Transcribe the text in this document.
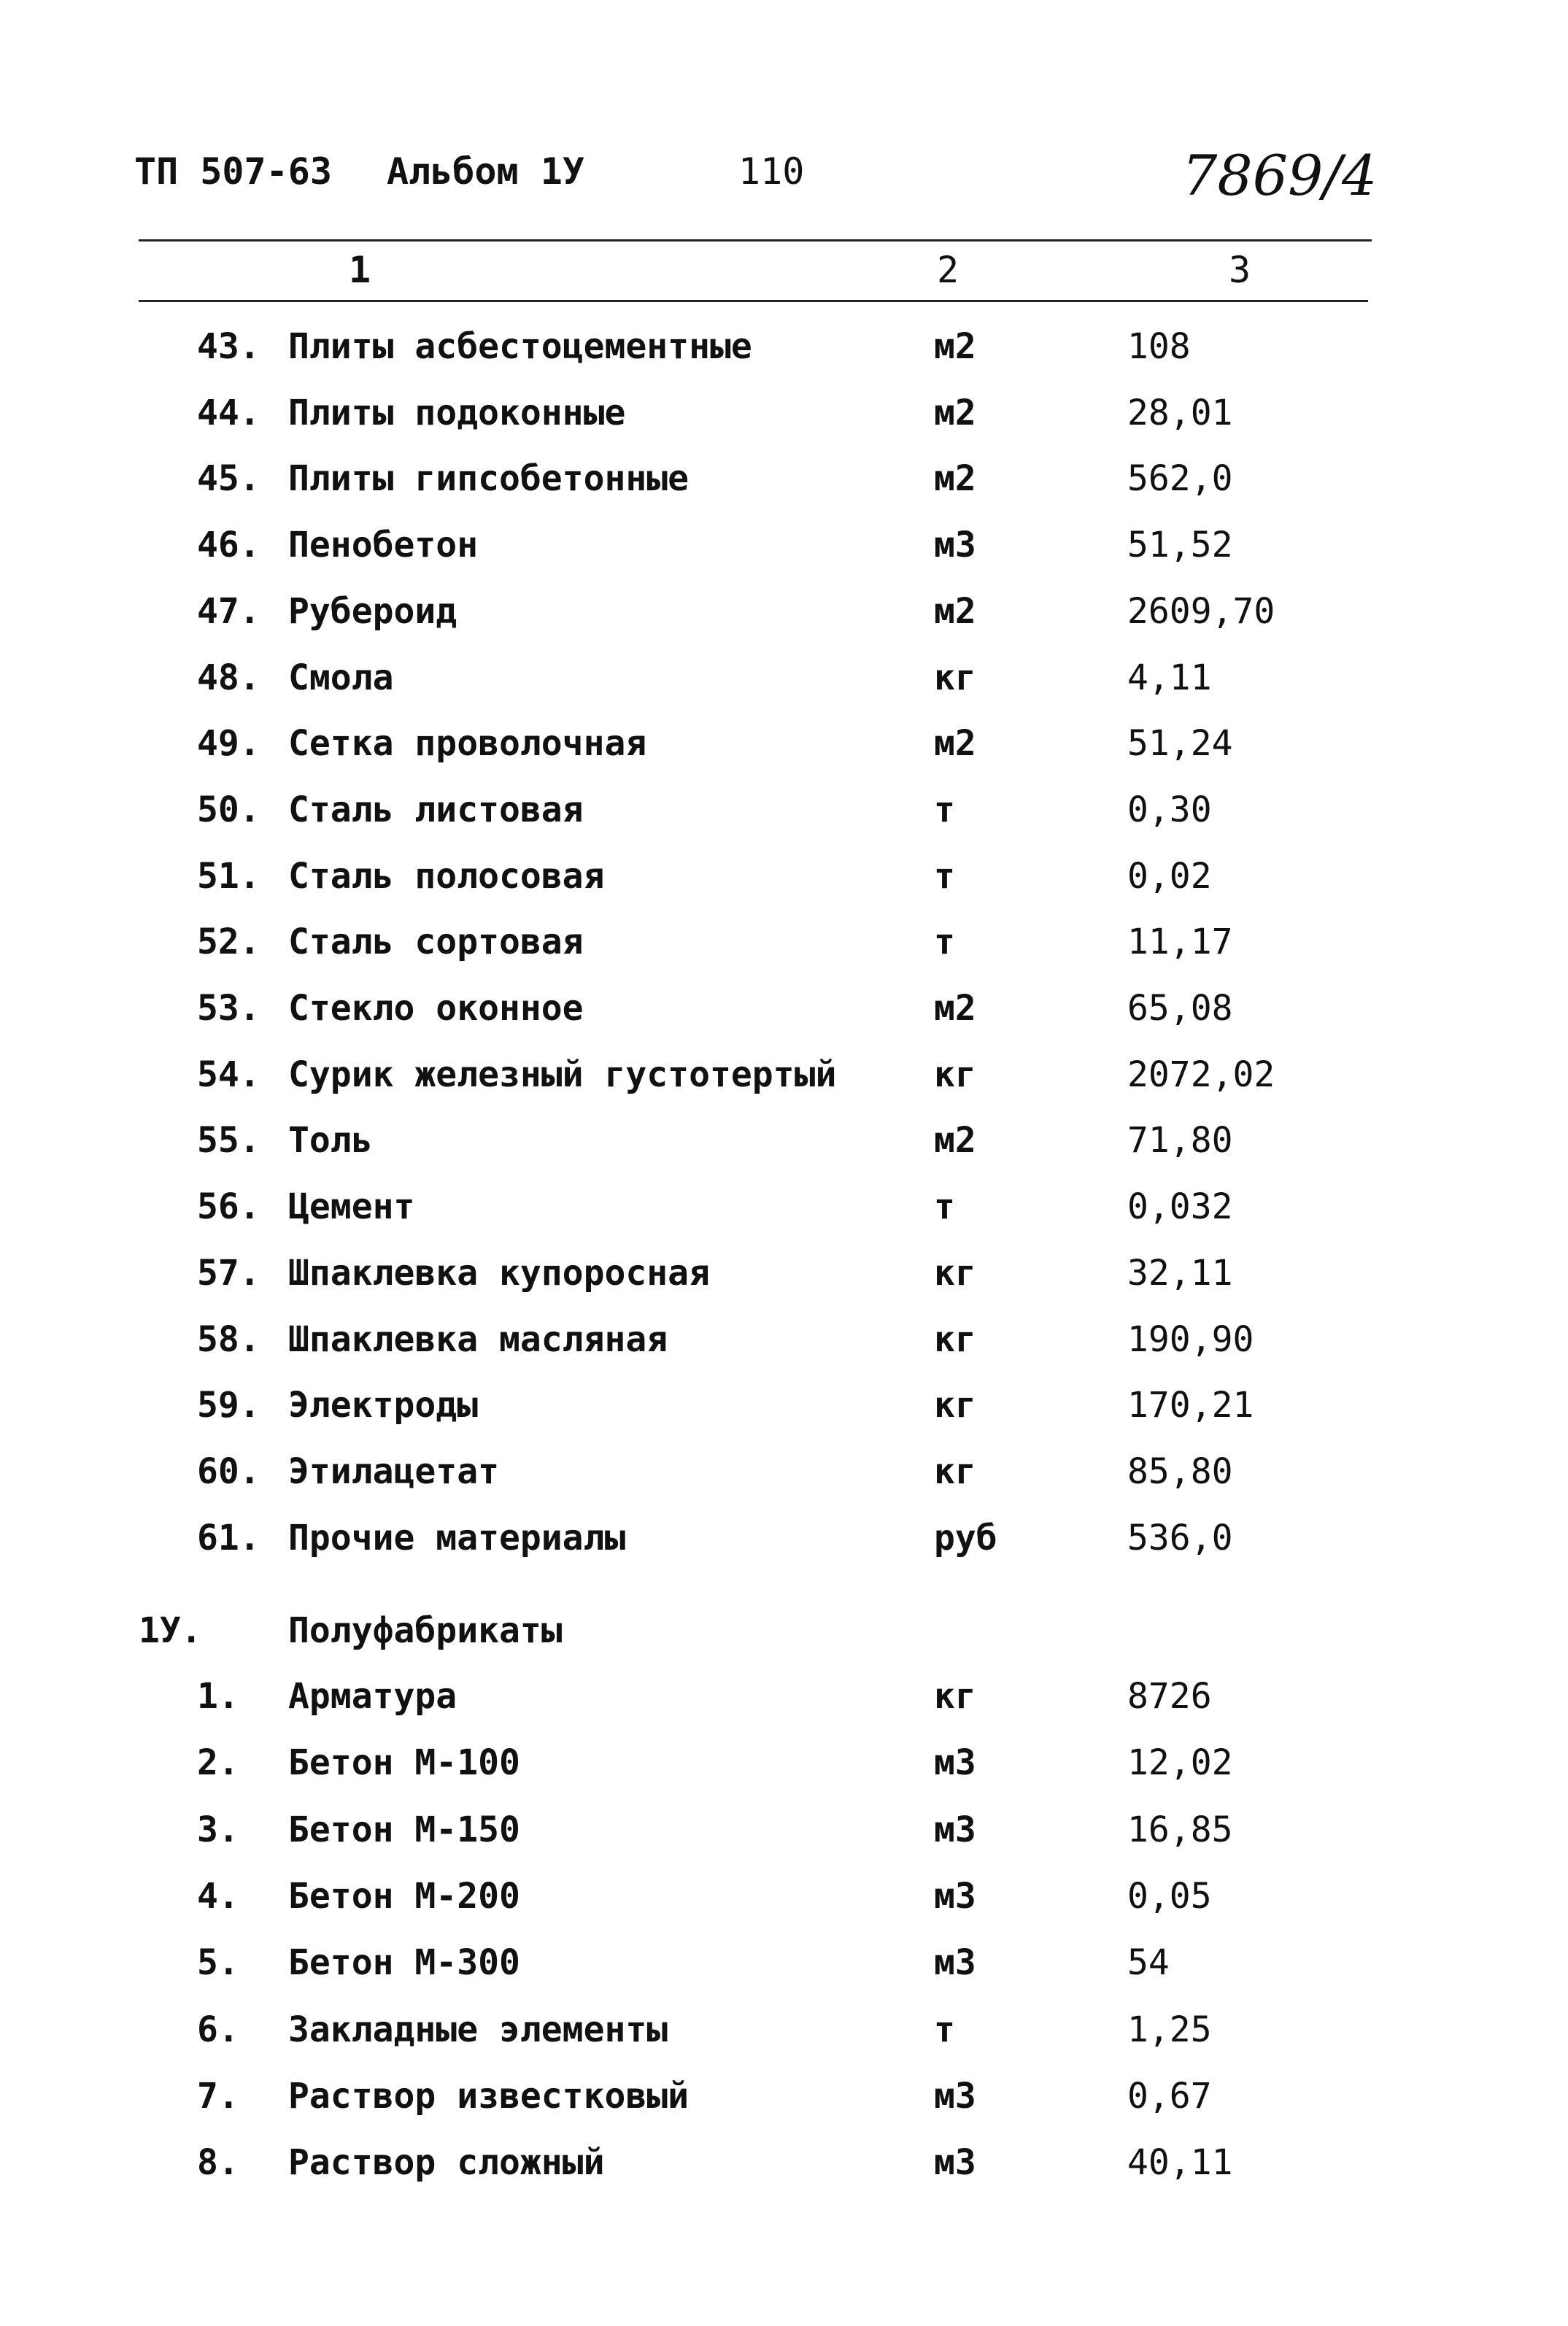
ТП 507-63 Альбом 1У	110	7869/4
1	2	3
43. Плиты асбестоцементные	м2	108
44. Плиты подоконные	м2	28,01
45. Плиты гипсобетонные	м2	562,0
46. Пенобетон	м3	51,52
47. Рубероид	м2	2609,70
48. Смола	кг	4,11
49. Сетка проволочная	м2	51,24
50. Сталь листовая	т	0,30
51. Сталь полосовая	т	0,02
52. Сталь сортовая	т	11,17
53. Стекло оконное	м2	65,08
54. Сурик железный густотертый	кг	2072,02
55. Толь	м2	71,80
56. Цемент	т	0,032
57. Шпаклевка купоросная	кг	32,11
58. Шпаклевка масляная	кг	190,90
59. Электроды	кг	170,21
60. Этилацетат	кг	85,80
61. Прочие материалы	руб	536,0
1У. Полуфабрикаты
1. Арматура	кг	8726
2. Бетон М-100	м3	12,02
3. Бетон М-150	м3	16,85
4. Бетон М-200	м3	0,05
5. Бетон М-300	м3	54
6. Закладные элементы	т	1,25
7. Раствор известковый	м3	0,67
8. Раствор сложный	м3	40,11
